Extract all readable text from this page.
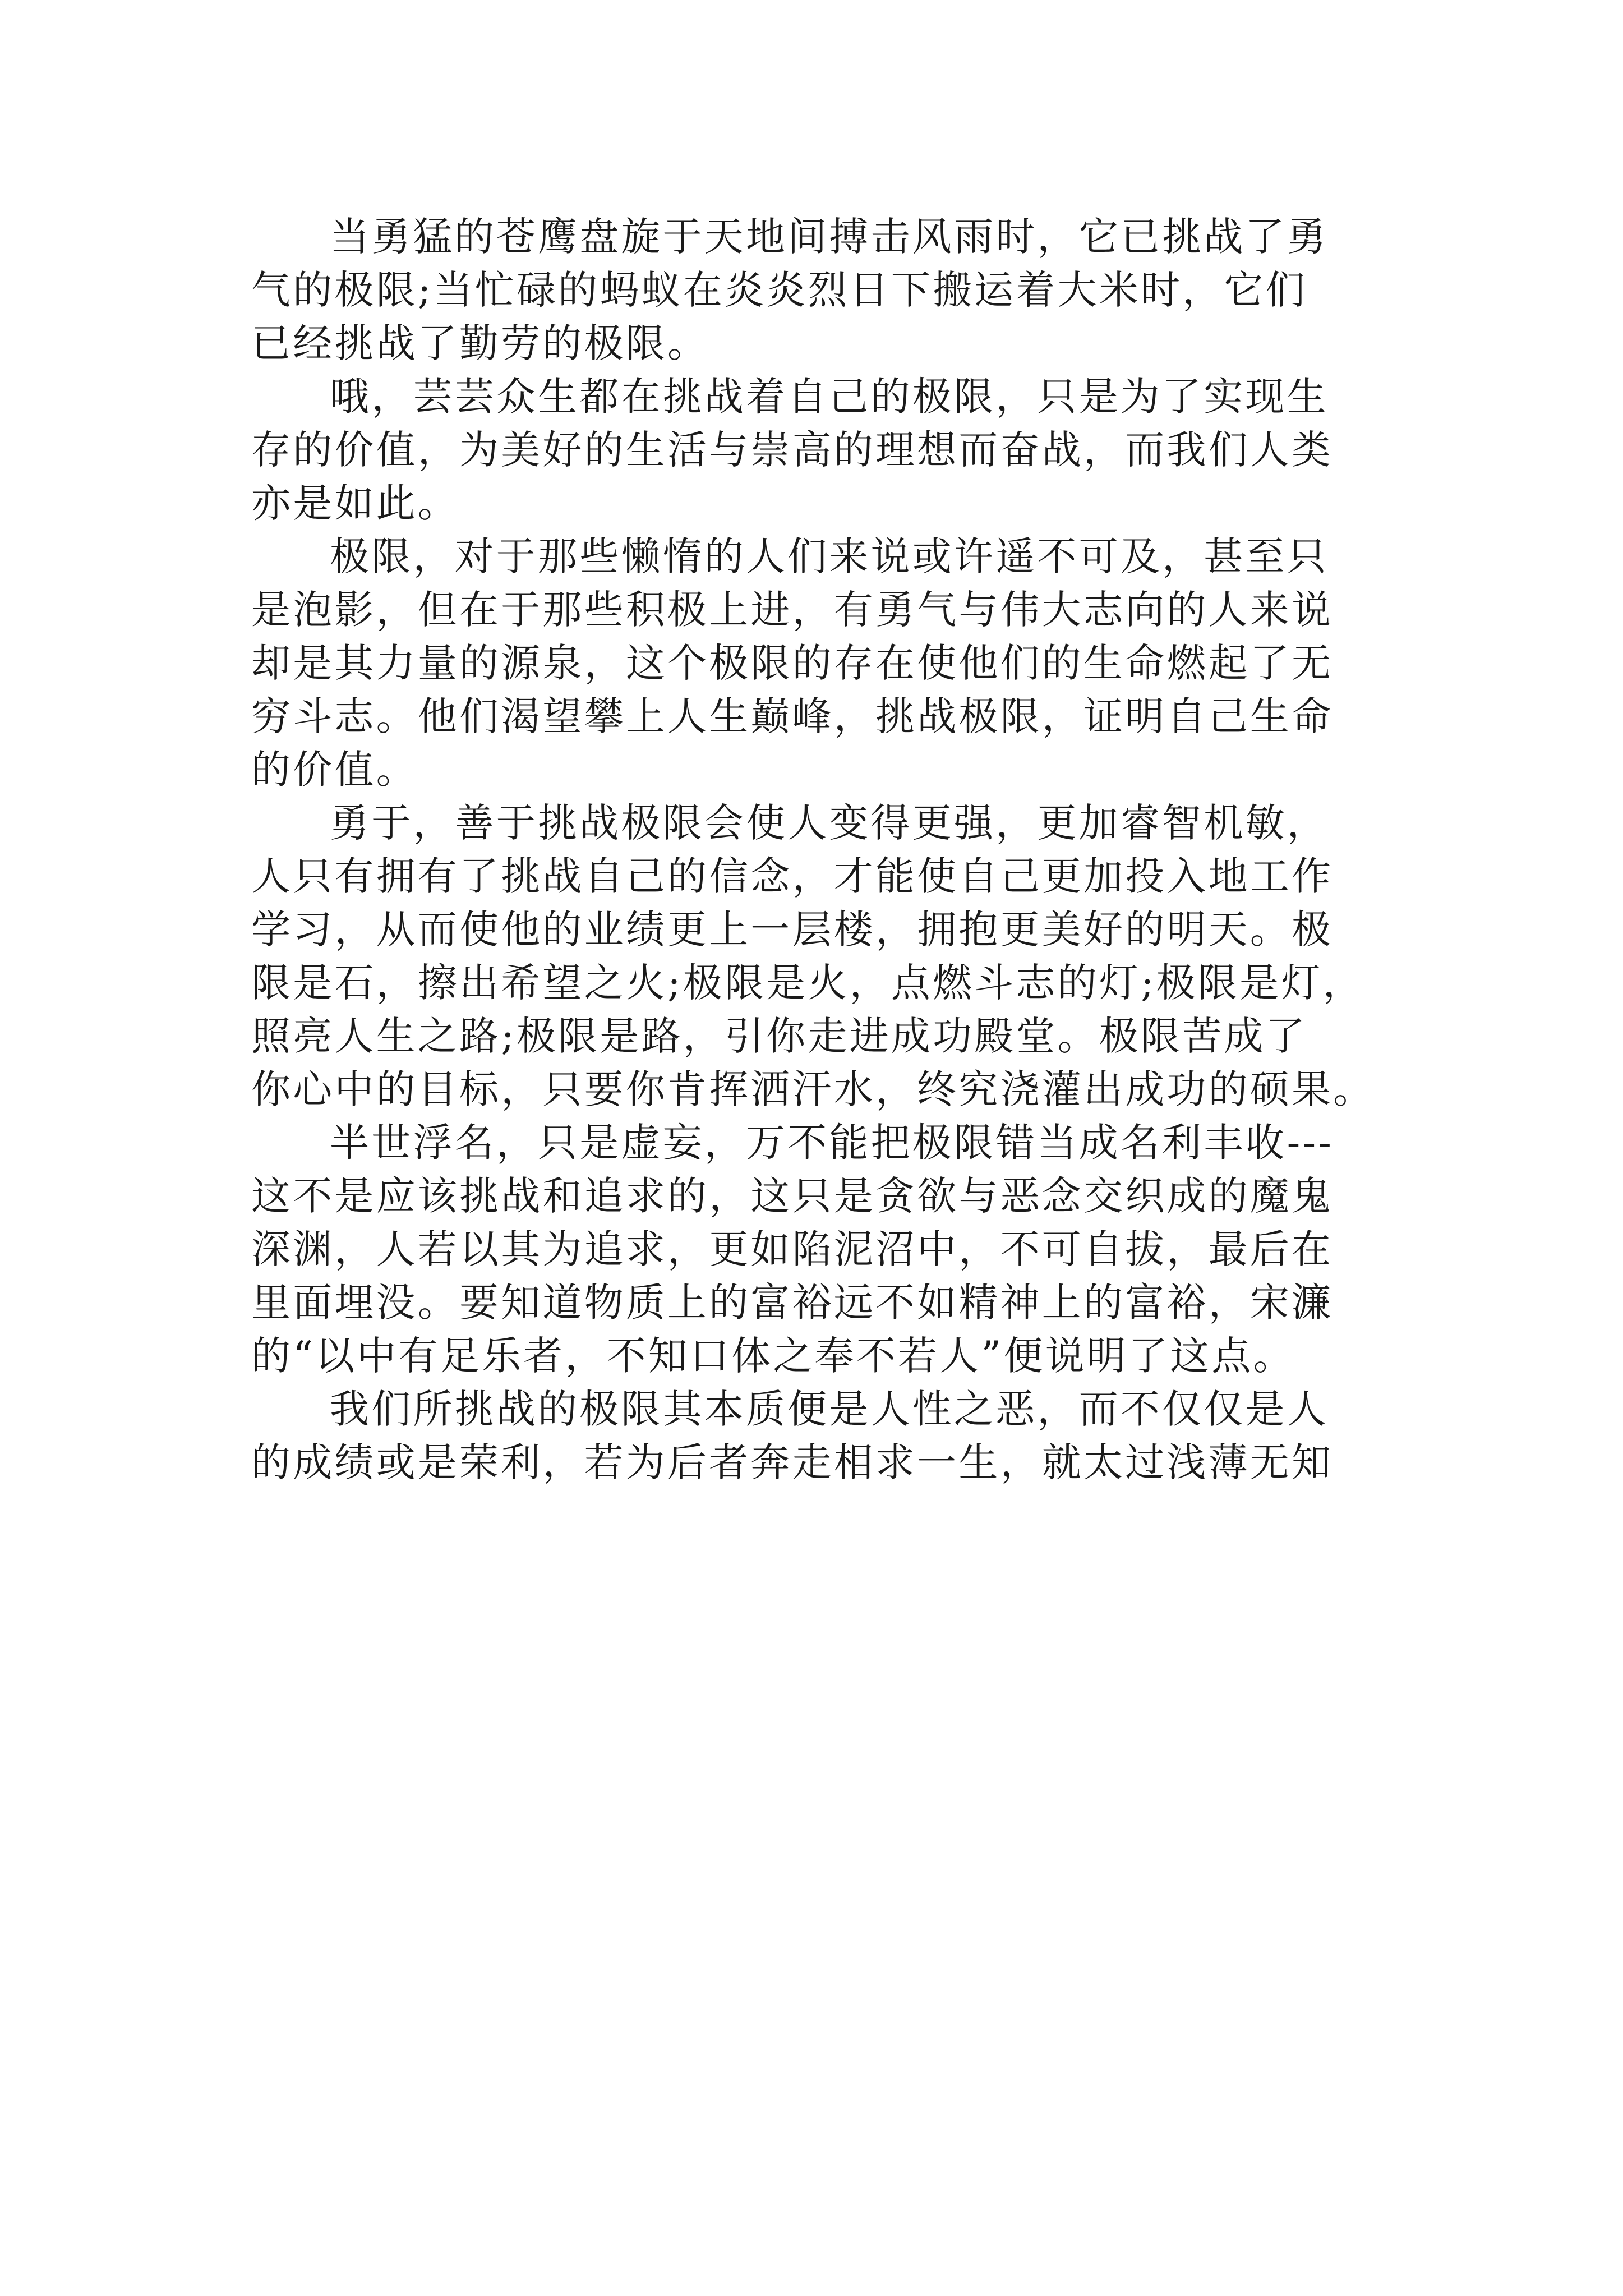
当勇猛的苍鹰盘旋于天地间搏击风雨时，它已挑战了勇
气的极限;当忙碌的蚂蚁在炎炎烈日下搬运着大米时，它们
已经挑战了勤劳的极限。

哦，芸芸众生都在挑战着自己的极限，只是为了实现生
存的价值，为美好的生活与崇高的理想而奋战，而我们人类
亦是如此。

极限，对于那些懒惰的人们来说或许遥不可及，甚至只
是泡影，但在于那些积极上进，有勇气与伟大志向的人来说
却是其力量的源泉，这个极限的存在使他们的生命燃起了无
穷斗志。他们渴望攀上人生巅峰，挑战极限，证明自己生命
的价值。

勇于，善于挑战极限会使人变得更强，更加睿智机敏，
人只有拥有了挑战自己的信念，才能使自己更加投入地工作
学习，从而使他的业绩更上一层楼，拥抱更美好的明天。极
限是石，擦出希望之火;极限是火，点燃斗志的灯;极限是灯，
照亮人生之路;极限是路，引你走进成功殿堂。极限苦成了
你心中的目标，只要你肯挥洒汗水，终究浇灌出成功的硕果。

半世浮名，只是虚妄，万不能把极限错当成名利丰收---
这不是应该挑战和追求的，这只是贪欲与恶念交织成的魔鬼
深渊，人若以其为追求，更如陷泥沼中，不可自拔，最后在
里面埋没。要知道物质上的富裕远不如精神上的富裕，宋濂
的“以中有足乐者，不知口体之奉不若人”便说明了这点。

我们所挑战的极限其本质便是人性之恶，而不仅仅是人
的成绩或是荣利，若为后者奔走相求一生，就太过浅薄无知
